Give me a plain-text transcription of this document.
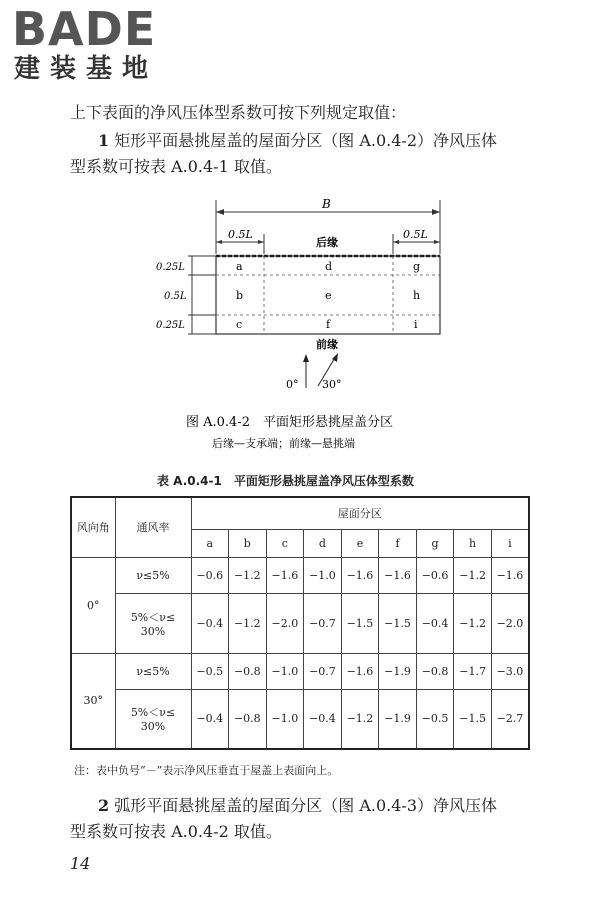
BADE
建装基地
上下表面的净风压体型系数可按下列规定取值：
1 矩形平面悬挑屋盖的屋面分区（图 A.0.4-2）净风压体
型系数可按表 A.0.4-1 取值。
B
0.5L	0.5L
后缘
a
b
c
d
e
f
g
h
i
0.25L
0.5L
0.25L
前缘
0° 30°
图 A.0.4-2　平面矩形悬挑屋盖分区
后缘—支承端；前缘—悬挑端
表 A.0.4-1　平面矩形悬挑屋盖净风压体型系数
风向角	通风率	屋面分区								
		a	b	c	d	e	f	g	h	i
0°	ν≤5%	−0.6	−1.2	−1.6	−1.0	−1.6	−1.6	−0.6	−1.2	−1.6

	5%＜ν≤
30%	−0.4	−1.2	−2.0	−0.7	−1.5	−1.5	−0.4	−1.2	−2.0
30°	ν≤5%	−0.5	−0.8	−1.0	−0.7	−1.6	−1.9	−0.8	−1.7	−3.0

	5%＜ν≤
30%	−0.4	−0.8	−1.0	−0.4	−1.2	−1.9	−0.5	−1.5	−2.7
注：表中负号“－”表示净风压垂直于屋盖上表面向上。
2 弧形平面悬挑屋盖的屋面分区（图 A.0.4-3）净风压体
型系数可按表 A.0.4-2 取值。
14
